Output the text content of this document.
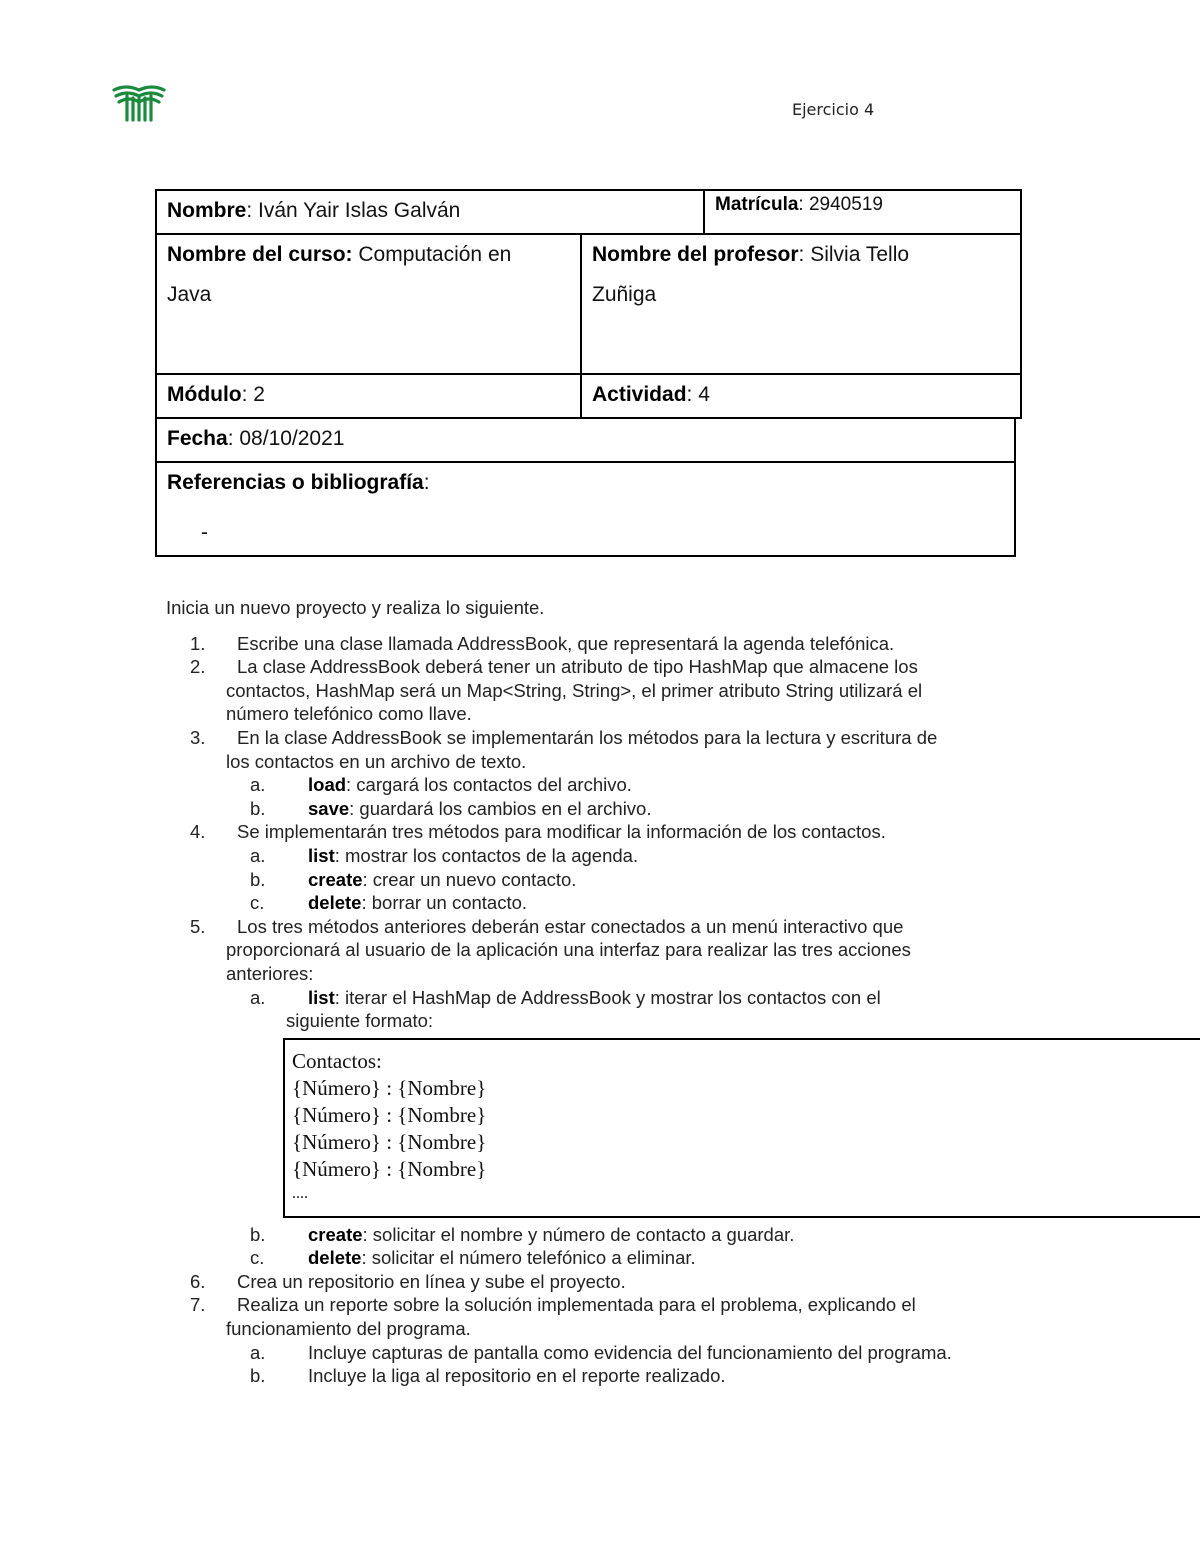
Ejercicio 4
Nombre: Iván Yair Islas Galván	Matrícula: 2940519
Nombre del curso: Computación en
Java
Nombre del profesor: Silvia Tello
Zuñiga
Módulo: 2	Actividad: 4
Fecha: 08/10/2021
Referencias o bibliografía:
-

Inicia un nuevo proyecto y realiza lo siguiente.

1.	Escribe una clase llamada AddressBook, que representará la agenda telefónica.
2.	La clase AddressBook deberá tener un atributo de tipo HashMap que almacene los
contactos, HashMap será un Map<String, String>, el primer atributo String utilizará el
número telefónico como llave.
3.	En la clase AddressBook se implementarán los métodos para la lectura y escritura de
los contactos en un archivo de texto.
a. load: cargará los contactos del archivo.
b. save: guardará los cambios en el archivo.
4.	Se implementarán tres métodos para modificar la información de los contactos.
a. list: mostrar los contactos de la agenda.
b. create: crear un nuevo contacto.
c. delete: borrar un contacto.
5.	Los tres métodos anteriores deberán estar conectados a un menú interactivo que
proporcionará al usuario de la aplicación una interfaz para realizar las tres acciones
anteriores:
a. list: iterar el HashMap de AddressBook y mostrar los contactos con el
siguiente formato:
b. create: solicitar el nombre y número de contacto a guardar.
c. delete: solicitar el número telefónico a eliminar.
6.	Crea un repositorio en línea y sube el proyecto.
7.	Realiza un reporte sobre la solución implementada para el problema, explicando el
funcionamiento del programa.
a. Incluye capturas de pantalla como evidencia del funcionamiento del programa.
b. Incluye la liga al repositorio en el reporte realizado.
Contactos:
{Número} : {Nombre}
{Número} : {Nombre}
{Número} : {Nombre}
{Número} : {Nombre}
....
